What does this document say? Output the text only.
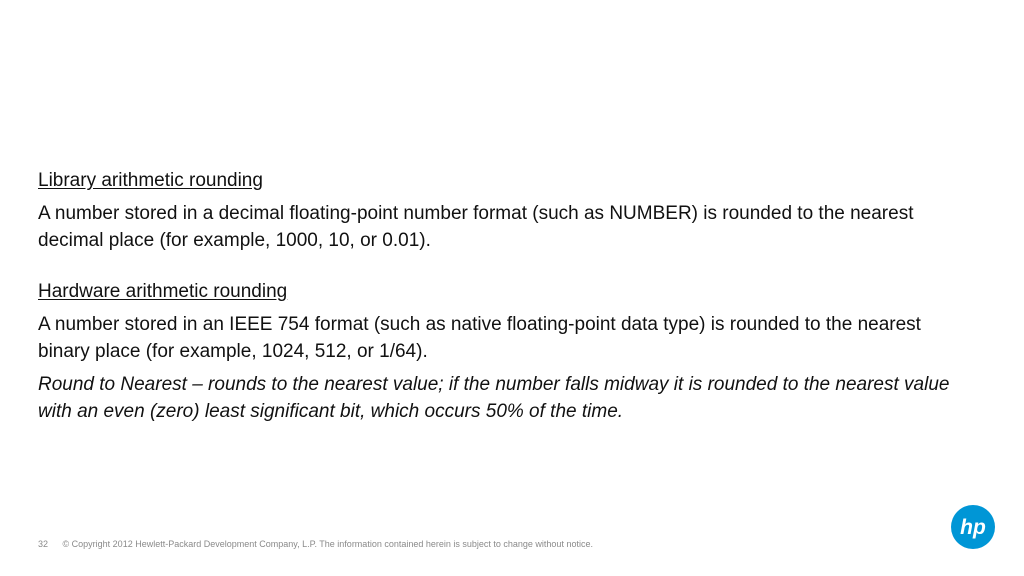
Library arithmetic rounding

A number stored in a decimal floating-point number format (such as NUMBER) is rounded to the nearest decimal place (for example, 1000, 10, or 0.01).

Hardware arithmetic rounding

A number stored in an IEEE 754 format (such as native floating-point data type) is rounded to the nearest binary place (for example, 1024, 512, or 1/64).

Round to Nearest – rounds to the nearest value; if the number falls midway it is rounded to the nearest value with an even (zero) least significant bit, which occurs 50% of the time.

32 © Copyright 2012 Hewlett-Packard Development Company, L.P. The information contained herein is subject to change without notice.
hp
